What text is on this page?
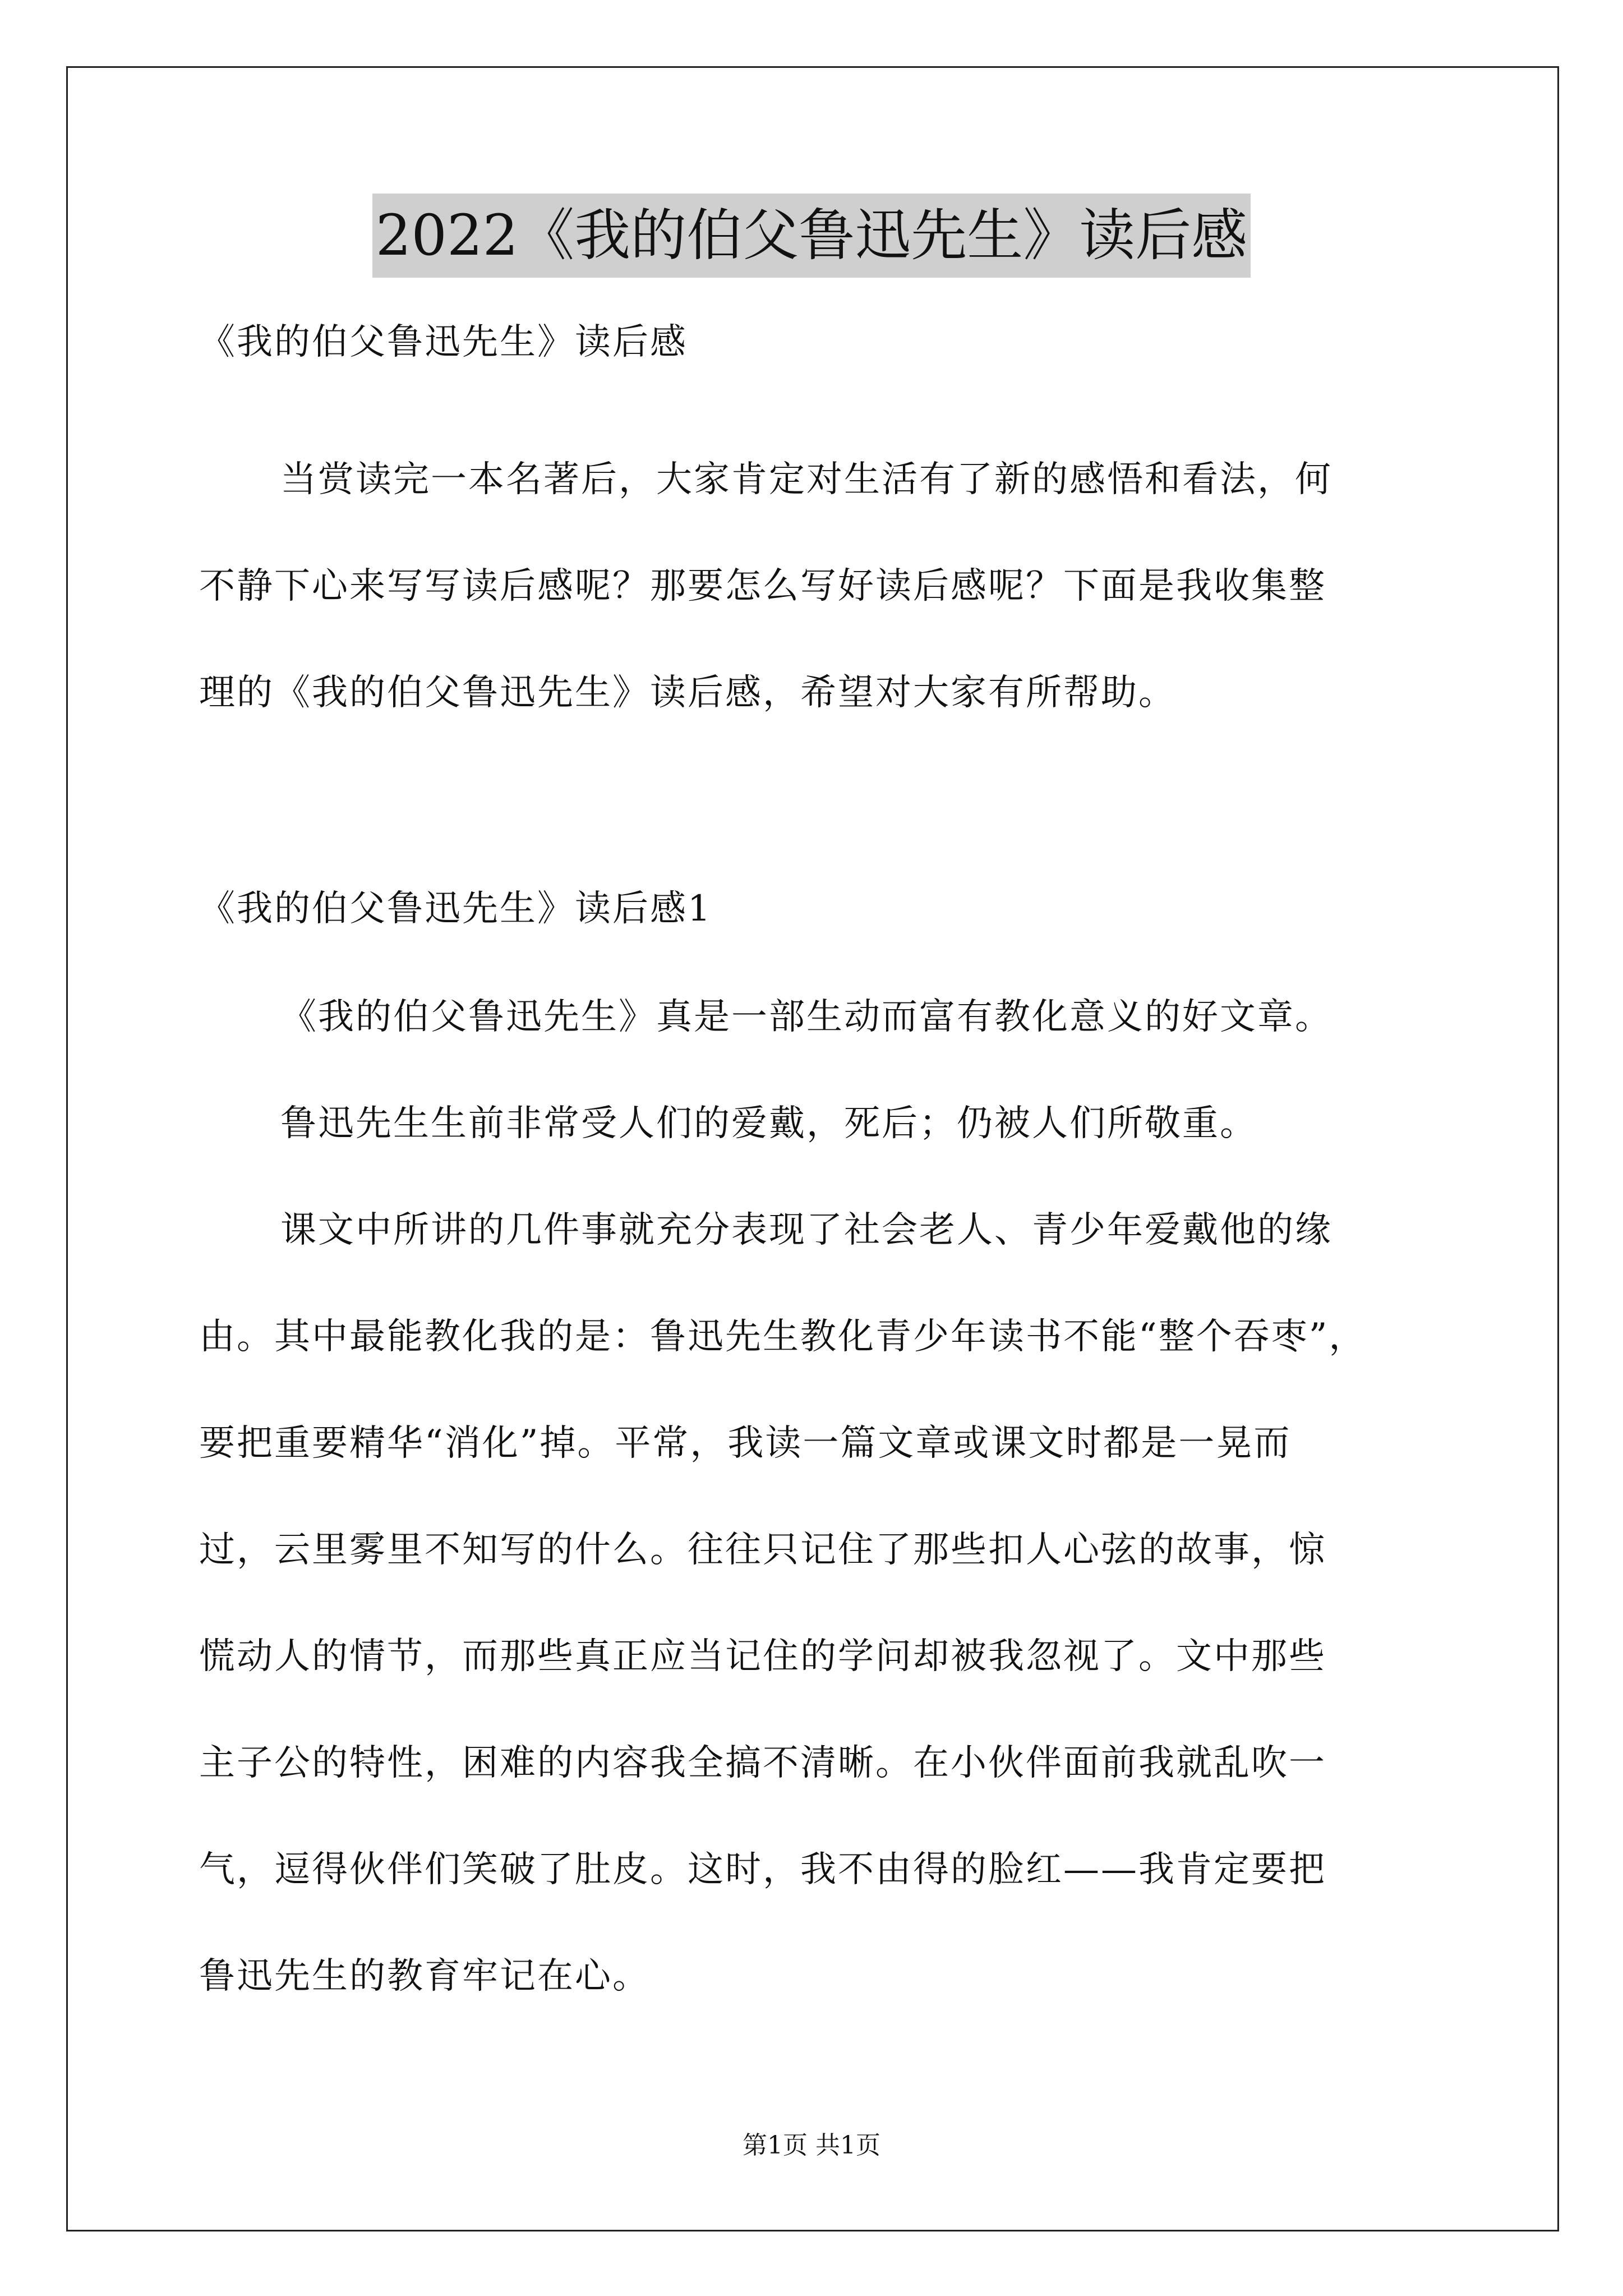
2022《我的伯父鲁迅先生》读后感

《我的伯父鲁迅先生》读后感

当赏读完一本名著后，大家肯定对生活有了新的感悟和看法，何

不静下心来写写读后感呢？那要怎么写好读后感呢？下面是我收集整

理的《我的伯父鲁迅先生》读后感，希望对大家有所帮助。

《我的伯父鲁迅先生》读后感1

《我的伯父鲁迅先生》真是一部生动而富有教化意义的好文章。

鲁迅先生生前非常受人们的爱戴，死后；仍被人们所敬重。

课文中所讲的几件事就充分表现了社会老人、青少年爱戴他的缘

由。其中最能教化我的是：鲁迅先生教化青少年读书不能“整个吞枣”，

要把重要精华“消化”掉。平常，我读一篇文章或课文时都是一晃而

过，云里雾里不知写的什么。往往只记住了那些扣人心弦的故事，惊

慌动人的情节，而那些真正应当记住的学问却被我忽视了。文中那些

主子公的特性，困难的内容我全搞不清晰。在小伙伴面前我就乱吹一

气，逗得伙伴们笑破了肚皮。这时，我不由得的脸红——我肯定要把

鲁迅先生的教育牢记在心。

第1页 共1页
